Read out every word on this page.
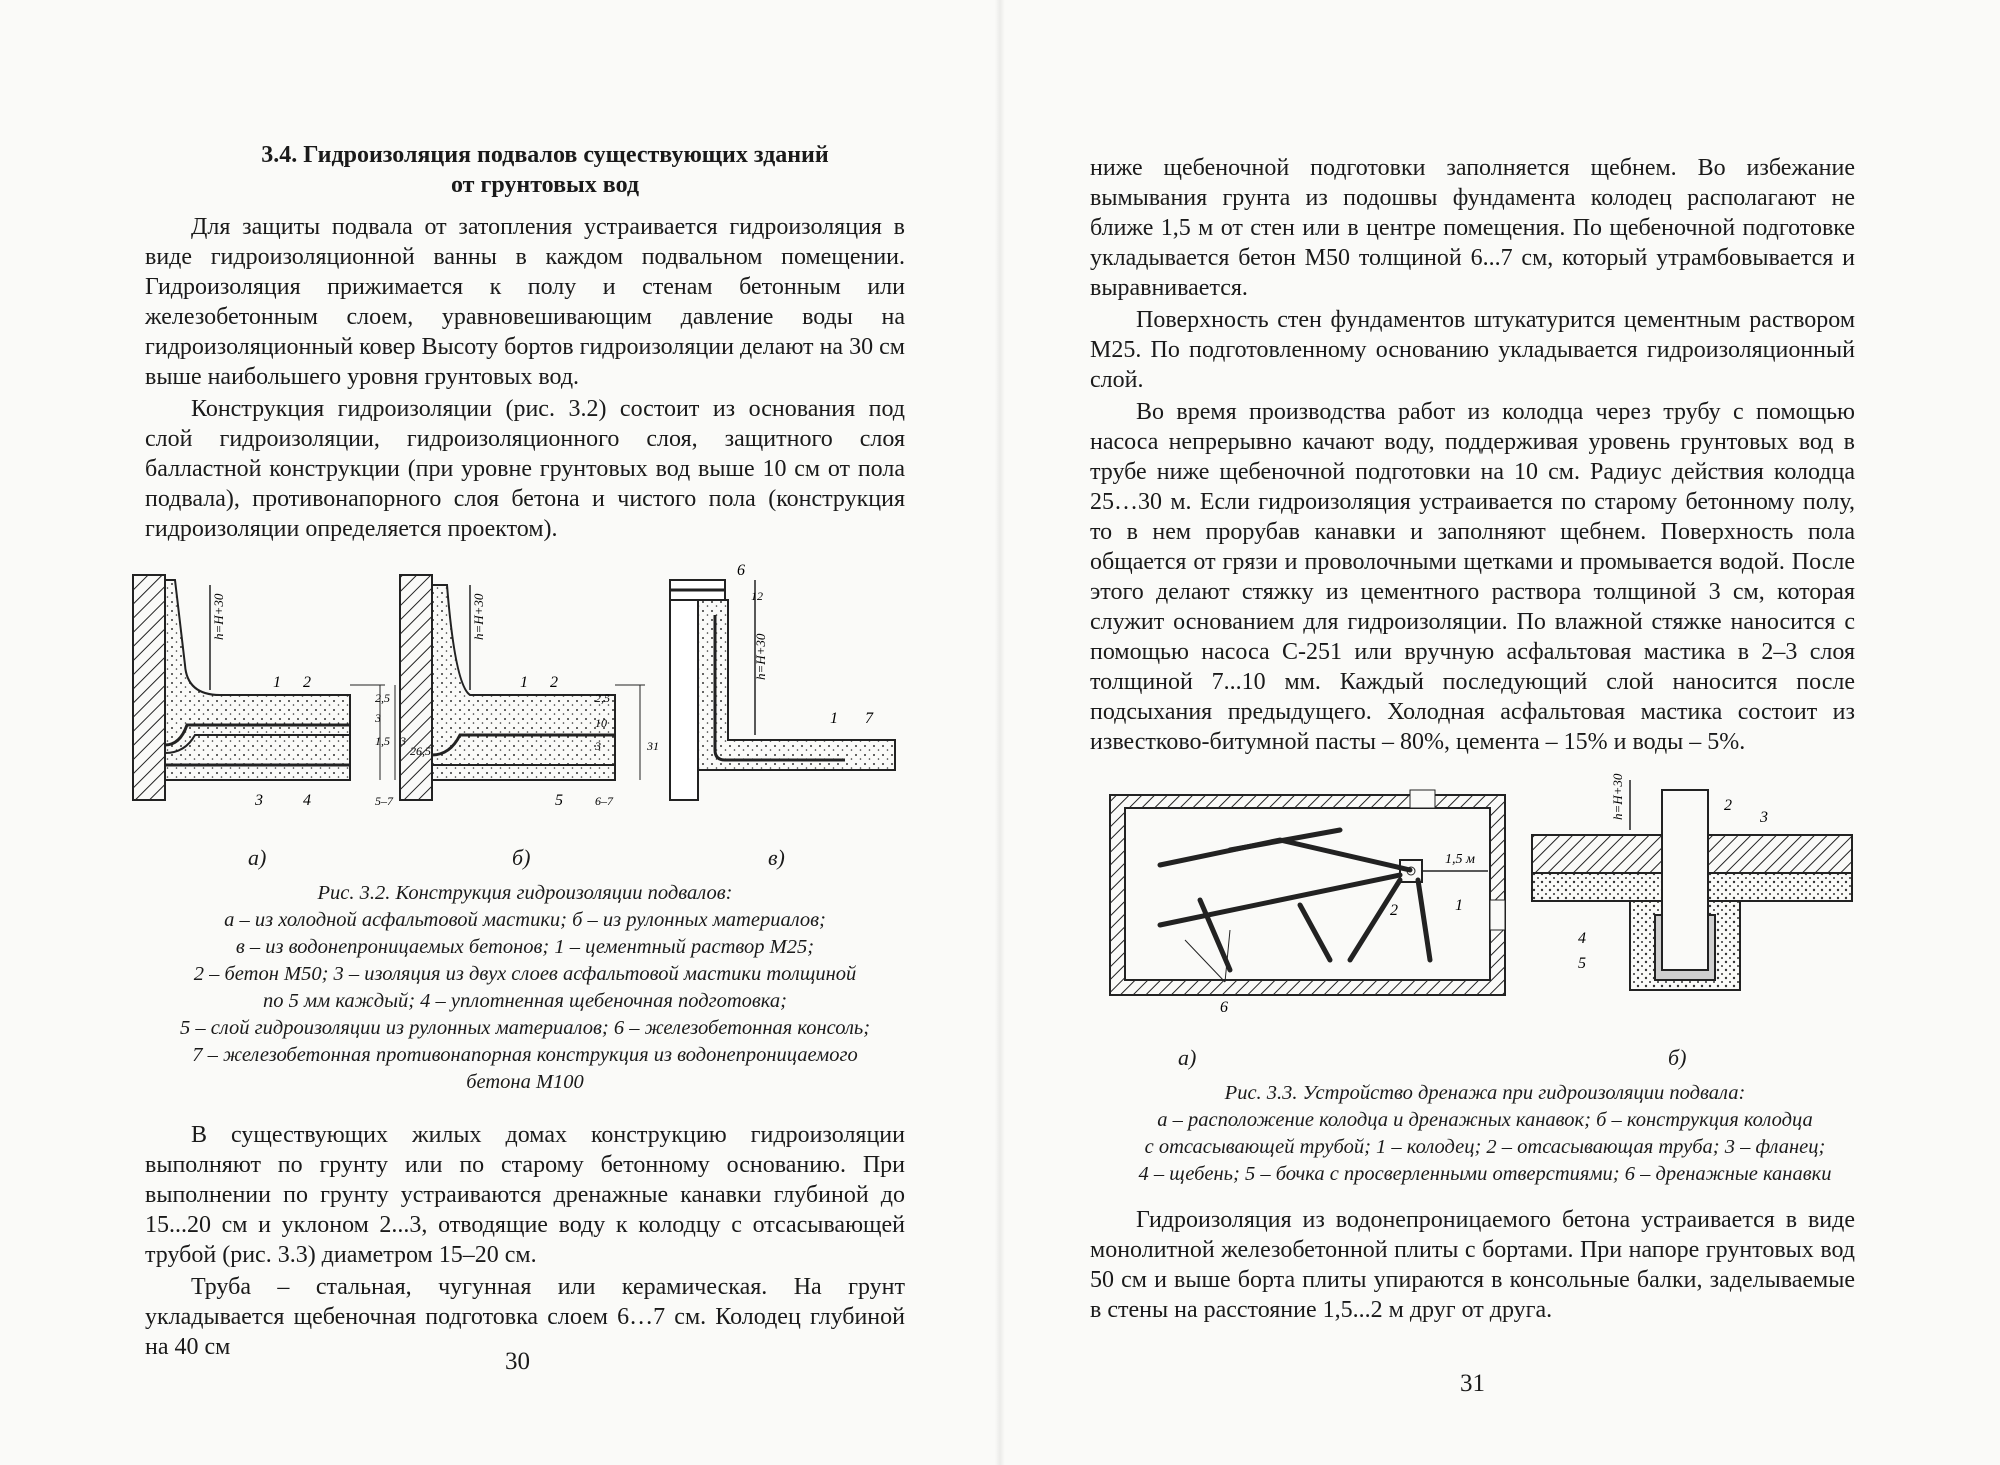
3.4. Гидроизоляция подвалов существующих зданий
от грунтовых вод

Для защиты подвала от затопления устраивается гидроизоляция в виде гидроизоляционной ванны в каждом подвальном помещении. Гидроизоляция прижимается к полу и стенам бетонным или железобетонным слоем, уравновешивающим давление воды на гидроизоляционный ковер Высоту бортов гидроизоляции делают на 30 см выше наибольшего уровня грунтовых вод.

Конструкция гидроизоляции (рис. 3.2) состоит из основания под слой гидроизоляции, гидроизоляционного слоя, защитного слоя балластной конструкции (при уровне грунтовых вод выше 10 см от пола подвала), противонапорного слоя бетона и чистого пола (конструкция гидроизоляции определяется проектом).

h=H+30
2,5
3
1,5
5–7
1 2
3	4
h=H+30
2,5
10
3
6–7
31
1 2
5
h=H+30
12
6
1 7
а)	б)	в)
Рис. 3.2. Конструкция гидроизоляции подвалов:
а – из холодной асфальтовой мастики; б – из рулонных материалов;
в – из водонепроницаемых бетонов; 1 – цементный раствор М25;
2 – бетон М50; 3 – изоляция из двух слоев асфальтовой мастики толщиной
по 5 мм каждый; 4 – уплотненная щебеночная подготовка;
5 – слой гидроизоляции из рулонных материалов; 6 – железобетонная консоль;
7 – железобетонная противонапорная конструкция из водонепроницаемого
бетона М100

В существующих жилых домах конструкцию гидроизоляции выполняют по грунту или по старому бетонному основанию. При выполнении по грунту устраиваются дренажные канавки глубиной до 15...20 см и уклоном 2...3, отводящие воду к колодцу с отсасывающей трубой (рис. 3.3) диаметром 15–20 см.

Труба – стальная, чугунная или керамическая. На грунт укладывается щебеночная подготовка слоем 6…7 см. Колодец глубиной на 40 см

30

ниже щебеночной подготовки заполняется щебнем. Во избежание вымывания грунта из подошвы фундамента колодец располагают не ближе 1,5 м от стен или в центре помещения. По щебеночной подготовке укладывается бетон М50 толщиной 6...7 см, который утрамбовывается и выравнивается.

Поверхность стен фундаментов штукатурится цементным раствором М25. По подготовленному основанию укладывается гидроизоляционный слой.

Во время производства работ из колодца через трубу с помощью насоса непрерывно качают воду, поддерживая уровень грунтовых вод в трубе ниже щебеночной подготовки на 10 см. Радиус действия колодца 25…30 м. Если гидроизоляция устраивается по старому бетонному полу, то в нем прорубав канавки и заполняют щебнем. Поверхность пола общается от грязи и проволочными щетками и промывается водой. После этого делают стяжку из цементного раствора толщиной 3 см, которая служит основанием для гидроизоляции. По влажной стяжке наносится с помощью насоса С-251 или вручную асфальтовая мастика в 2–3 слоя толщиной 7...10 мм. Каждый последующий слой наносится после подсыхания предыдущего. Холодная асфальтовая мастика состоит из известково-битумной пасты – 80%, цемента – 15% и воды – 5%.

1,5 м
1
2
6
h=H+30	2
3
4
5
а)	б)
Рис. 3.3. Устройство дренажа при гидроизоляции подвала:
а – расположение колодца и дренажных канавок; б – конструкция колодца
с отсасывающей трубой; 1 – колодец; 2 – отсасывающая труба; 3 – фланец;
4 – щебень; 5 – бочка с просверленными отверстиями; 6 – дренажные канавки

Гидроизоляция из водонепроницаемого бетона устраивается в виде монолитной железобетонной плиты с бортами. При напоре грунтовых вод 50 см и выше борта плиты упираются в консольные балки, заделываемые в стены на расстояние 1,5...2 м друг от друга.

31
